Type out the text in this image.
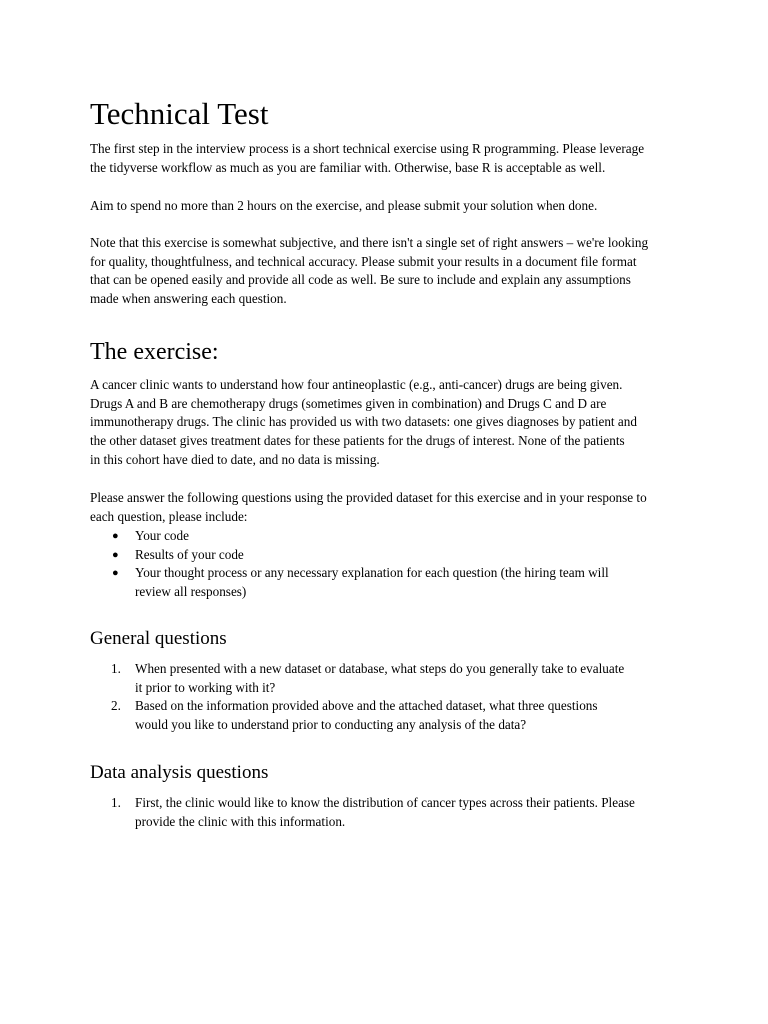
Technical Test

The first step in the interview process is a short technical exercise using R programming. Please leverage
the tidyverse workflow as much as you are familiar with. Otherwise, base R is acceptable as well.

Aim to spend no more than 2 hours on the exercise, and please submit your solution when done.

Note that this exercise is somewhat subjective, and there isn't a single set of right answers – we're looking
for quality, thoughtfulness, and technical accuracy. Please submit your results in a document file format
that can be opened easily and provide all code as well. Be sure to include and explain any assumptions
made when answering each question.

The exercise:

A cancer clinic wants to understand how four antineoplastic (e.g., anti-cancer) drugs are being given.
Drugs A and B are chemotherapy drugs (sometimes given in combination) and Drugs C and D are
immunotherapy drugs. The clinic has provided us with two datasets: one gives diagnoses by patient and
the other dataset gives treatment dates for these patients for the drugs of interest. None of the patients
in this cohort have died to date, and no data is missing.

Please answer the following questions using the provided dataset for this exercise and in your response to
each question, please include:

● Your code
● Results of your code
● Your thought process or any necessary explanation for each question (the hiring team will
review all responses)
General questions
1. When presented with a new dataset or database, what steps do you generally take to evaluate
it prior to working with it?
2. Based on the information provided above and the attached dataset, what three questions
would you like to understand prior to conducting any analysis of the data?
Data analysis questions
1. First, the clinic would like to know the distribution of cancer types across their patients. Please
provide the clinic with this information.
